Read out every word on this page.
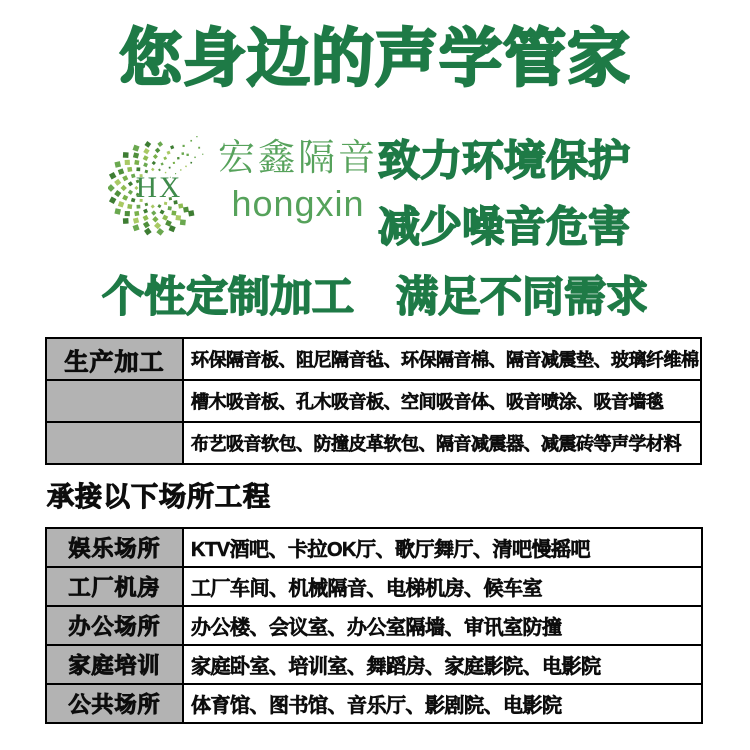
您身边的声学管家
HX
宏鑫隔音
hongxin
致力环境保护
减少噪音危害
个性定制加工　满足不同需求
生产加工	环保隔音板、阻尼隔音毡、环保隔音棉、隔音减震垫、玻璃纤维棉
槽木吸音板、孔木吸音板、空间吸音体、吸音喷涂、吸音墙毯
布艺吸音软包、防撞皮革软包、隔音减震器、减震砖等声学材料
承接以下场所工程
娱乐场所	KTV酒吧、卡拉OK厅、歌厅舞厅、清吧慢摇吧
工厂机房	工厂车间、机械隔音、电梯机房、候车室
办公场所	办公楼、会议室、办公室隔墙、审讯室防撞
家庭培训	家庭卧室、培训室、舞蹈房、家庭影院、电影院
公共场所	体育馆、图书馆、音乐厅、影剧院、电影院
